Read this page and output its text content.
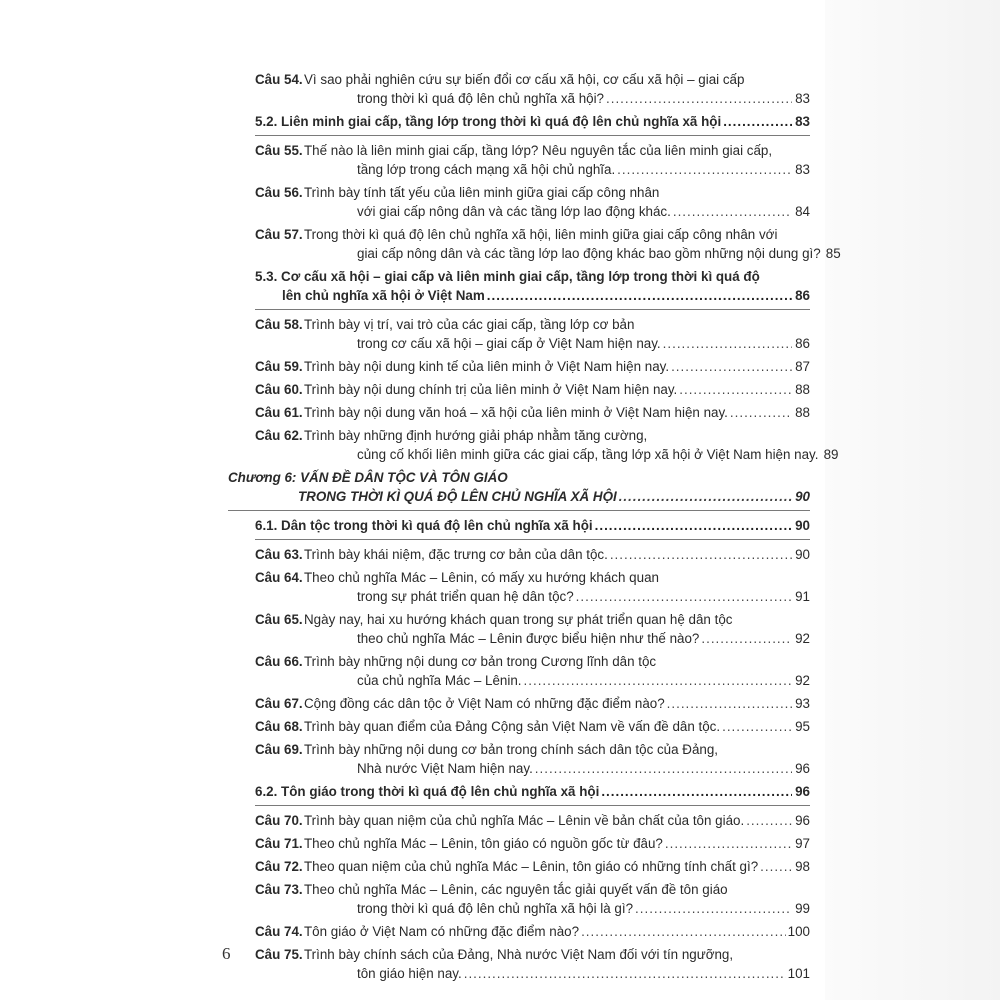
Câu 54. Vì sao phải nghiên cứu sự biến đổi cơ cấu xã hội, cơ cấu xã hội – giai cấp
trong thời kì quá độ lên chủ nghĩa xã hội? .....	83
5.2. Liên minh giai cấp, tầng lớp trong thời kì quá độ lên chủ nghĩa xã hội .....	83
Câu 55. Thế nào là liên minh giai cấp, tầng lớp? Nêu nguyên tắc của liên minh giai cấp,
tầng lớp trong cách mạng xã hội chủ nghĩa. .....	83
Câu 56. Trình bày tính tất yếu của liên minh giữa giai cấp công nhân
với giai cấp nông dân và các tầng lớp lao động khác. .....	84
Câu 57. Trong thời kì quá độ lên chủ nghĩa xã hội, liên minh giữa giai cấp công nhân với
giai cấp nông dân và các tầng lớp lao động khác bao gồm những nội dung gì? 85
5.3. Cơ cấu xã hội – giai cấp và liên minh giai cấp, tầng lớp trong thời kì quá độ
lên chủ nghĩa xã hội ở Việt Nam .....	86
Câu 58. Trình bày vị trí, vai trò của các giai cấp, tầng lớp cơ bản
trong cơ cấu xã hội – giai cấp ở Việt Nam hiện nay. .....	86
Câu 59. Trình bày nội dung kinh tế của liên minh ở Việt Nam hiện nay. .....	87
Câu 60. Trình bày nội dung chính trị của liên minh ở Việt Nam hiện nay. .....	88
Câu 61. Trình bày nội dung văn hoá – xã hội của liên minh ở Việt Nam hiện nay. .....	88
Câu 62. Trình bày những định hướng giải pháp nhằm tăng cường,
củng cố khối liên minh giữa các giai cấp, tầng lớp xã hội ở Việt Nam hiện nay. 89
Chương 6: VẤN ĐỀ DÂN TỘC VÀ TÔN GIÁO
TRONG THỜI KÌ QUÁ ĐỘ LÊN CHỦ NGHĨA XÃ HỘI .....	90
6.1. Dân tộc trong thời kì quá độ lên chủ nghĩa xã hội .....	90
Câu 63. Trình bày khái niệm, đặc trưng cơ bản của dân tộc. .....	90
Câu 64. Theo chủ nghĩa Mác – Lênin, có mấy xu hướng khách quan
trong sự phát triển quan hệ dân tộc? .....	91
Câu 65. Ngày nay, hai xu hướng khách quan trong sự phát triển quan hệ dân tộc
theo chủ nghĩa Mác – Lênin được biểu hiện như thế nào? .....	92
Câu 66. Trình bày những nội dung cơ bản trong Cương lĩnh dân tộc
của chủ nghĩa Mác – Lênin. .....	92
Câu 67. Cộng đồng các dân tộc ở Việt Nam có những đặc điểm nào? .....	93
Câu 68. Trình bày quan điểm của Đảng Cộng sản Việt Nam về vấn đề dân tộc. .....	95
Câu 69. Trình bày những nội dung cơ bản trong chính sách dân tộc của Đảng,
Nhà nước Việt Nam hiện nay. .....	96
6.2. Tôn giáo trong thời kì quá độ lên chủ nghĩa xã hội .....	96
Câu 70. Trình bày quan niệm của chủ nghĩa Mác – Lênin về bản chất của tôn giáo. .....	96
Câu 71. Theo chủ nghĩa Mác – Lênin, tôn giáo có nguồn gốc từ đâu? .....	97
Câu 72. Theo quan niệm của chủ nghĩa Mác – Lênin, tôn giáo có những tính chất gì? .....	98
Câu 73. Theo chủ nghĩa Mác – Lênin, các nguyên tắc giải quyết vấn đề tôn giáo
trong thời kì quá độ lên chủ nghĩa xã hội là gì? .....	99
Câu 74. Tôn giáo ở Việt Nam có những đặc điểm nào? .....	100
Câu 75. Trình bày chính sách của Đảng, Nhà nước Việt Nam đối với tín ngưỡng,
tôn giáo hiện nay. .....	101
6
